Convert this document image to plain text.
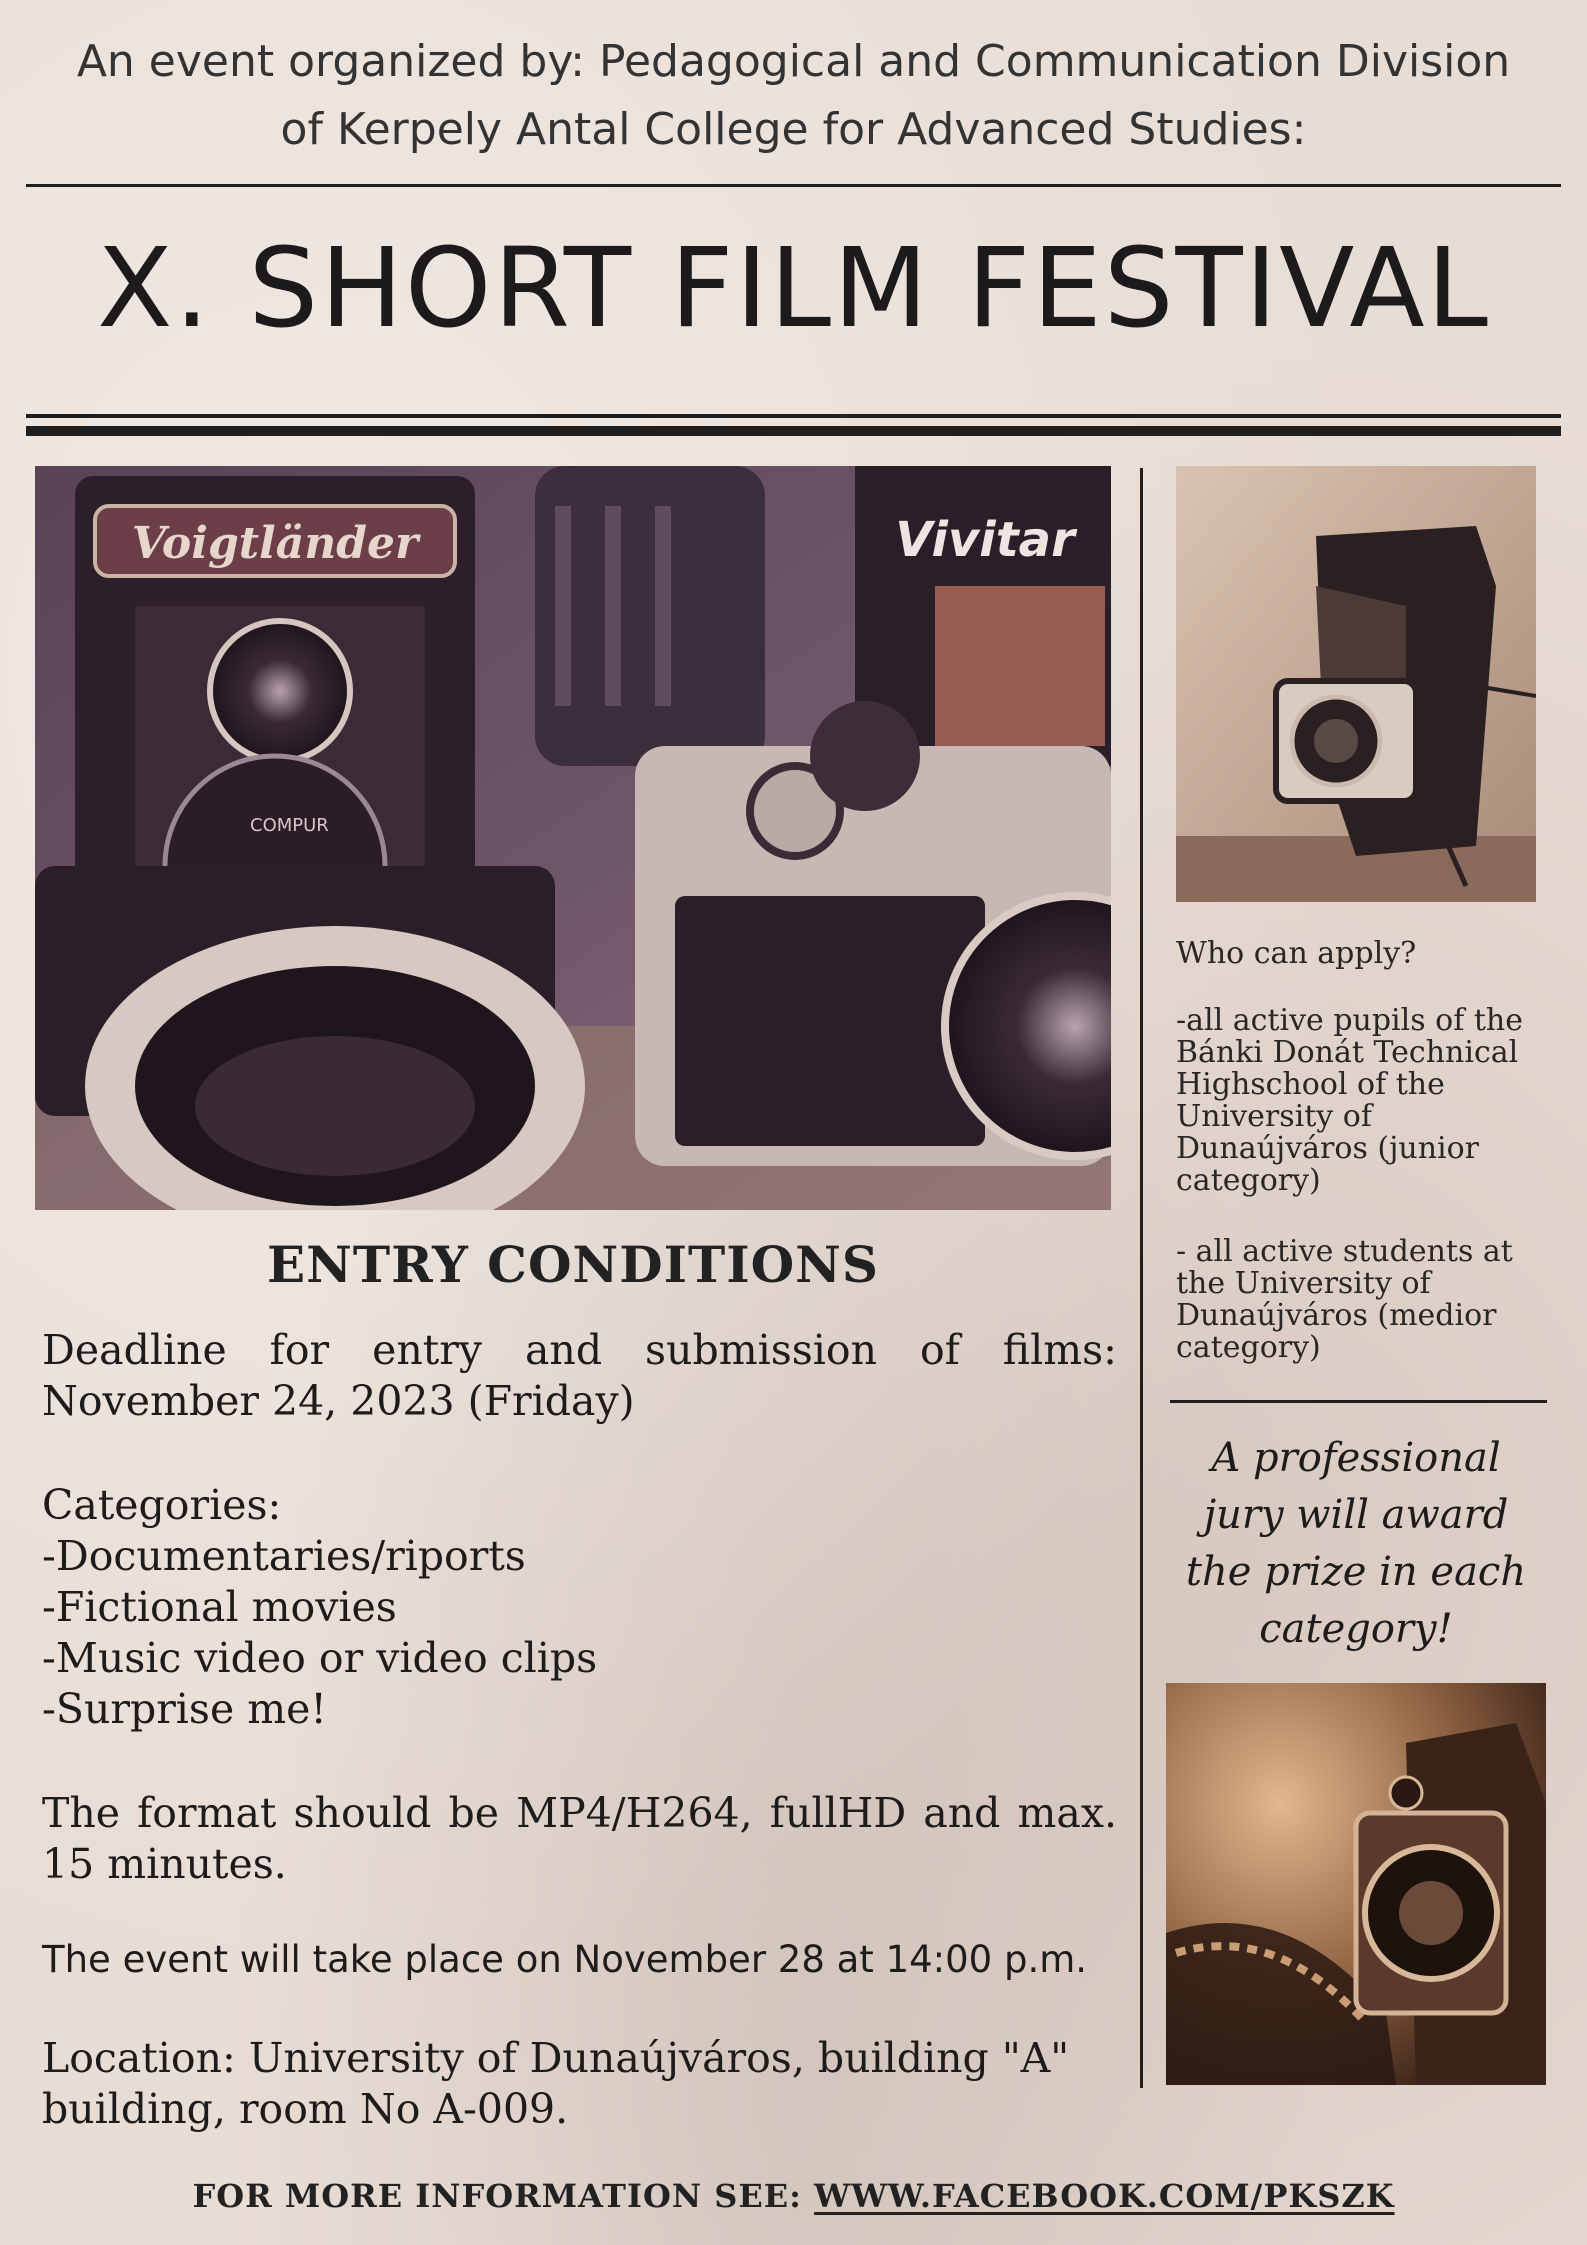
An event organized by: Pedagogical and Communication Division
of Kerpely Antal College for Advanced Studies:
X. SHORT FILM FESTIVAL
Voigtländer
COMPUR
Vivitar
ENTRY CONDITIONS
Deadline for entry and submission of films: November 24, 2023 (Friday)
Categories:
-Documentaries/riports
-Fictional movies
-Music video or video clips
-Surprise me!
The format should be MP4/H264, fullHD and max. 15 minutes.
The event will take place on November 28 at 14:00 p.m.
Location: University of Dunaújváros, building "A" building, room No A-009.
Who can apply?
-all active pupils of the Bánki Donát Technical Highschool of the University of Dunaújváros (junior category)
- all active students at the University of Dunaújváros (medior category)
A professional jury will award the prize in each category!
FOR MORE INFORMATION SEE: WWW.FACEBOOK.COM/PKSZK
